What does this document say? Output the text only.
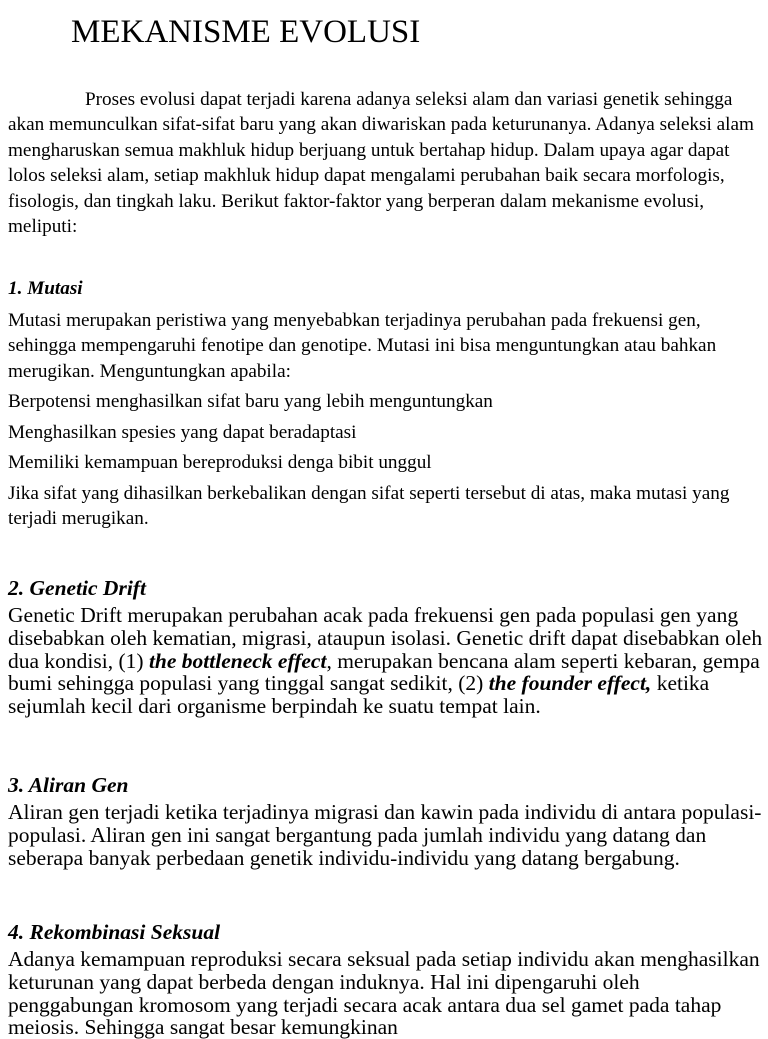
MEKANISME EVOLUSI

Proses evolusi dapat terjadi karena adanya seleksi alam dan variasi genetik sehingga akan memunculkan sifat-sifat baru yang akan diwariskan pada keturunanya. Adanya seleksi alam mengharuskan semua makhluk hidup berjuang untuk bertahap hidup. Dalam upaya agar dapat lolos seleksi alam, setiap makhluk hidup dapat mengalami perubahan baik secara morfologis, fisologis, dan tingkah laku. Berikut faktor-faktor yang berperan dalam mekanisme evolusi, meliputi:

1. Mutasi

Mutasi merupakan peristiwa yang menyebabkan terjadinya perubahan pada frekuensi gen, sehingga mempengaruhi fenotipe dan genotipe. Mutasi ini bisa menguntungkan atau bahkan merugikan. Menguntungkan apabila:

Berpotensi menghasilkan sifat baru yang lebih menguntungkan

Menghasilkan spesies yang dapat beradaptasi

Memiliki kemampuan bereproduksi denga bibit unggul

Jika sifat yang dihasilkan berkebalikan dengan sifat seperti tersebut di atas, maka mutasi yang terjadi merugikan.

2. Genetic Drift

Genetic Drift merupakan perubahan acak pada frekuensi gen pada populasi gen yang disebabkan oleh kematian, migrasi, ataupun isolasi. Genetic drift dapat disebabkan oleh dua kondisi, (1) the bottleneck effect, merupakan bencana alam seperti kebaran, gempa bumi sehingga populasi yang tinggal sangat sedikit, (2) the founder effect, ketika sejumlah kecil dari organisme berpindah ke suatu tempat lain.

3. Aliran Gen

Aliran gen terjadi ketika terjadinya migrasi dan kawin pada individu di antara populasi-populasi. Aliran gen ini sangat bergantung pada jumlah individu yang datang dan seberapa banyak perbedaan genetik individu-individu yang datang bergabung.

4. Rekombinasi Seksual

Adanya kemampuan reproduksi secara seksual pada setiap individu akan menghasilkan keturunan yang dapat berbeda dengan induknya. Hal ini dipengaruhi oleh penggabungan kromosom yang terjadi secara acak antara dua sel gamet pada tahap meiosis. Sehingga sangat besar kemungkinan
